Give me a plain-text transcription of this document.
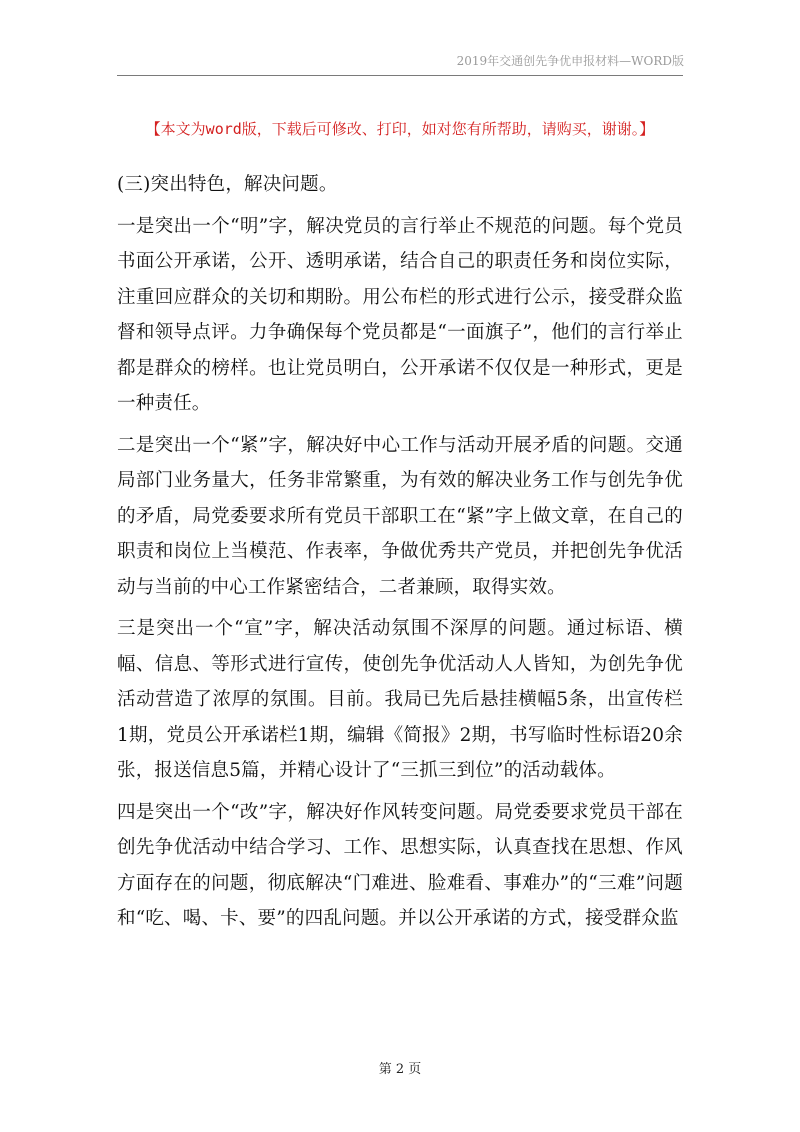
2019年交通创先争优申报材料—WORD版
【本文为word版，下载后可修改、打印，如对您有所帮助，请购买，谢谢。】

(三)突出特色，解决问题。

一是突出一个“明”字，解决党员的言行举止不规范的问题。每个党员书面公开承诺，公开、透明承诺，结合自己的职责任务和岗位实际，注重回应群众的关切和期盼。用公布栏的形式进行公示，接受群众监督和领导点评。力争确保每个党员都是“一面旗子”，他们的言行举止都是群众的榜样。也让党员明白，公开承诺不仅仅是一种形式，更是一种责任。

二是突出一个“紧”字，解决好中心工作与活动开展矛盾的问题。交通局部门业务量大，任务非常繁重，为有效的解决业务工作与创先争优的矛盾，局党委要求所有党员干部职工在“紧”字上做文章，在自己的职责和岗位上当模范、作表率，争做优秀共产党员，并把创先争优活动与当前的中心工作紧密结合，二者兼顾，取得实效。

三是突出一个“宣”字，解决活动氛围不深厚的问题。通过标语、横幅、信息、等形式进行宣传，使创先争优活动人人皆知，为创先争优活动营造了浓厚的氛围。目前。我局已先后悬挂横幅5条，出宣传栏1期，党员公开承诺栏1期，编辑《简报》2期，书写临时性标语20余张，报送信息5篇，并精心设计了“三抓三到位”的活动载体。

四是突出一个“改”字，解决好作风转变问题。局党委要求党员干部在创先争优活动中结合学习、工作、思想实际，认真查找在思想、作风方面存在的问题，彻底解决“门难进、脸难看、事难办”的“三难”问题和“吃、喝、卡、要”的四乱问题。并以公开承诺的方式，接受群众监

第 2 页
